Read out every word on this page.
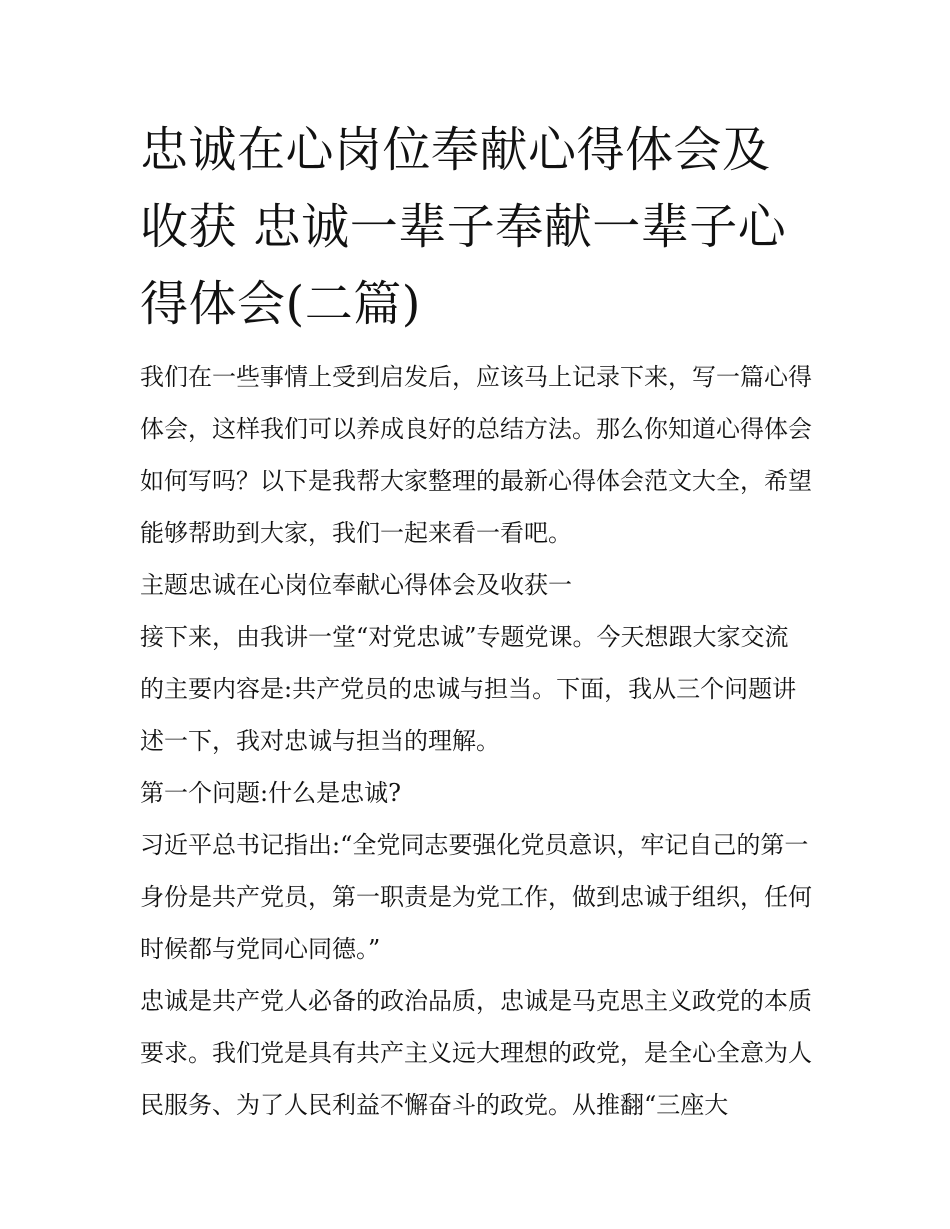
忠诚在心岗位奉献心得体会及收获 忠诚一辈子奉献一辈子心得体会(二篇)

我们在一些事情上受到启发后，应该马上记录下来，写一篇心得体会，这样我们可以养成良好的总结方法。那么你知道心得体会如何写吗？以下是我帮大家整理的最新心得体会范文大全，希望能够帮助到大家，我们一起来看一看吧。

主题忠诚在心岗位奉献心得体会及收获一

接下来，由我讲一堂“对党忠诚”专题党课。今天想跟大家交流的主要内容是:共产党员的忠诚与担当。下面，我从三个问题讲述一下，我对忠诚与担当的理解。

第一个问题:什么是忠诚?

习近平总书记指出:“全党同志要强化党员意识，牢记自己的第一身份是共产党员，第一职责是为党工作，做到忠诚于组织，任何时候都与党同心同德。”

忠诚是共产党人必备的政治品质，忠诚是马克思主义政党的本质要求。我们党是具有共产主义远大理想的政党，是全心全意为人民服务、为了人民利益不懈奋斗的政党。从推翻“三座大
